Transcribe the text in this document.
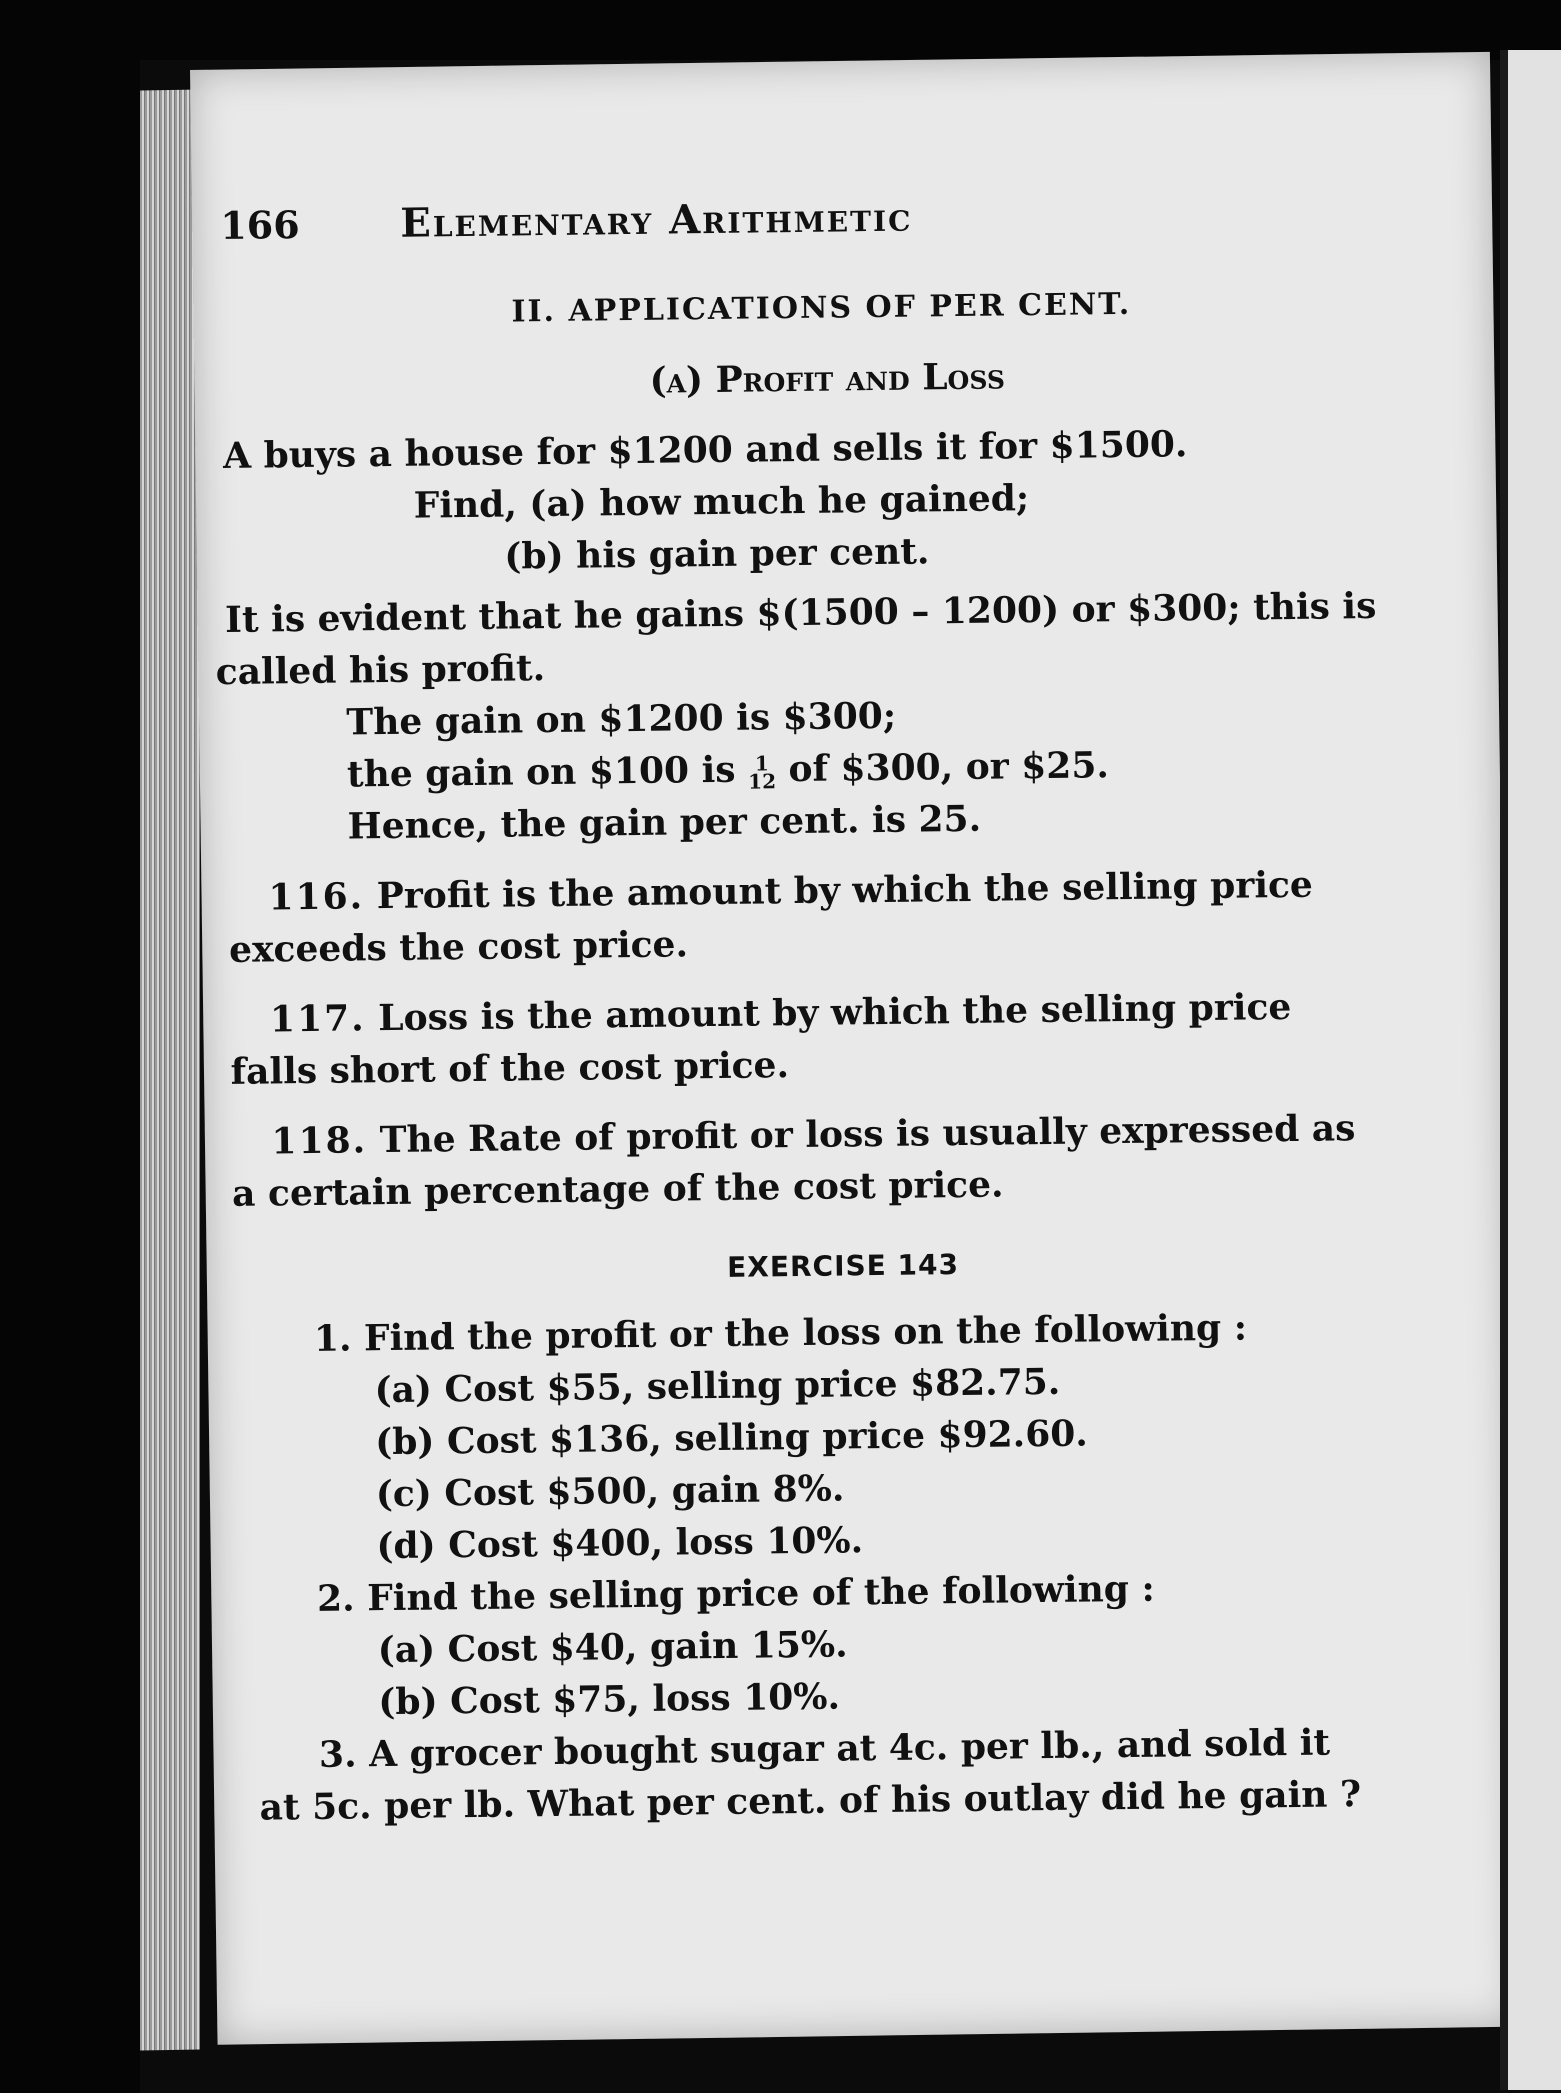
166	Elementary Arithmetic
II. APPLICATIONS OF PER CENT.
(a) Profit and Loss

A buys a house for $1200 and sells it for $1500.

Find, (a) how much he gained;

(b) his gain per cent.

It is evident that he gains $(1500 – 1200) or $300; this is

called his profit.

The gain on $1200 is $300;

the gain on $100 is 1
12 of $300, or $25.

Hence, the gain per cent. is 25.

116. Profit is the amount by which the selling price

exceeds the cost price.

117. Loss is the amount by which the selling price

falls short of the cost price.

118. The Rate of profit or loss is usually expressed as

a certain percentage of the cost price.

EXERCISE 143

1. Find the profit or the loss on the following :

(a) Cost $55, selling price $82.75.

(b) Cost $136, selling price $92.60.

(c) Cost $500, gain 8%.

(d) Cost $400, loss 10%.

2. Find the selling price of the following :

(a) Cost $40, gain 15%.

(b) Cost $75, loss 10%.

3. A grocer bought sugar at 4c. per lb., and sold it

at 5c. per lb. What per cent. of his outlay did he gain ?
